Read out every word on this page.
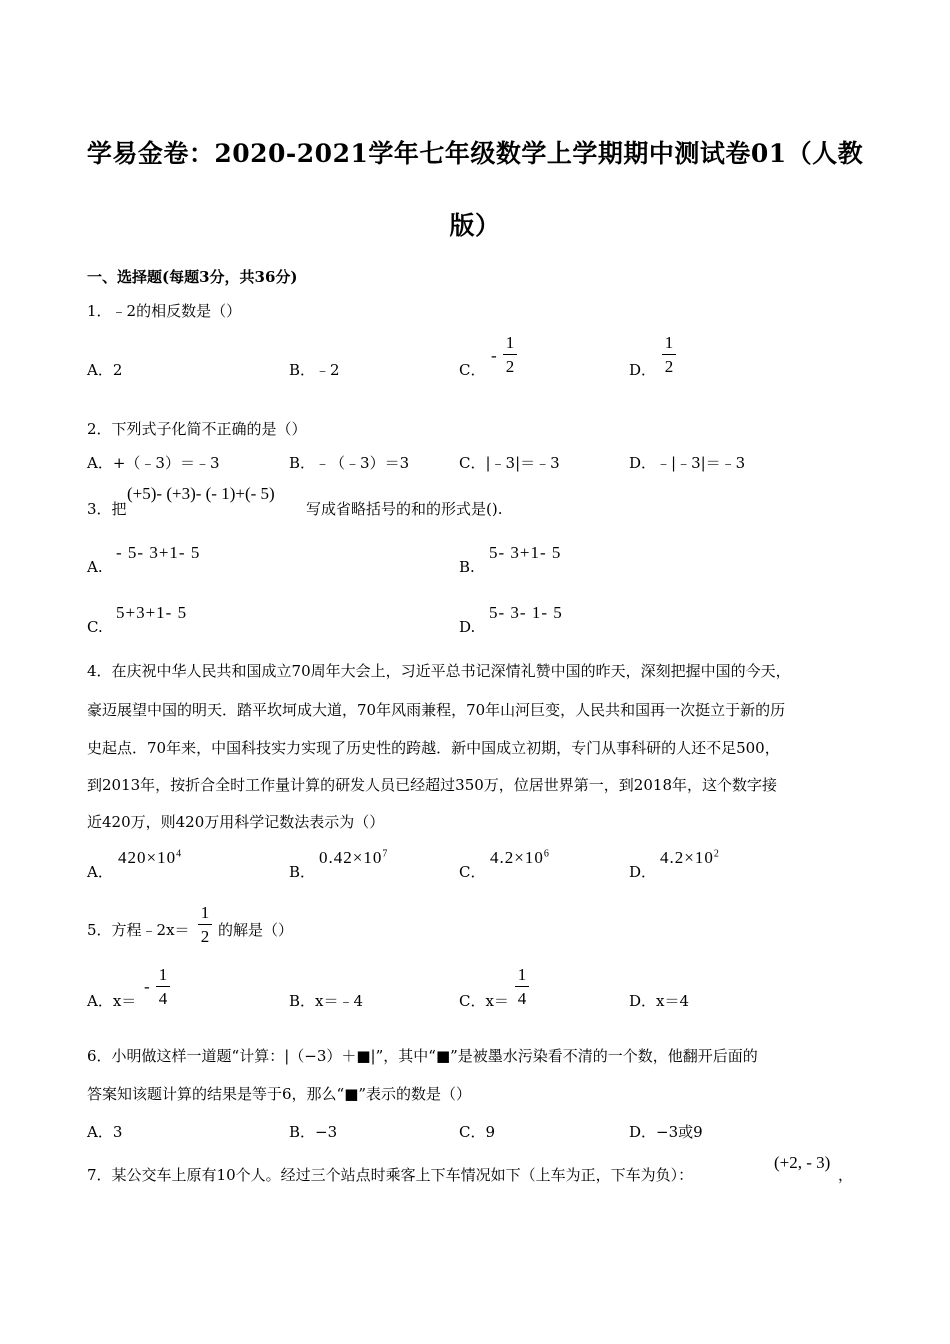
学易金卷：2020-2021学年七年级数学上学期期中测试卷01（人教
版）
一、选择题(每题3分，共36分)
1．﹣2的相反数是（）
A．2	B．﹣2	C．
-
1
2	D．
1
2
2．下列式子化简不正确的是（）
A．+（﹣3）＝﹣3	B．﹣（﹣3）＝3	C．|﹣3|＝﹣3	D．﹣|﹣3|＝﹣3
3．把
(+5)- (+3)- (- 1)+(- 5)
写成省略括号的和的形式是().
A.
- 5- 3+1- 5
B.
5- 3+1- 5
C.
5+3+1- 5
D.
5- 3- 1- 5
4．在庆祝中华人民共和国成立70周年大会上，习近平总书记深情礼赞中国的昨天，深刻把握中国的今天，
豪迈展望中国的明天．踏平坎坷成大道，70年风雨兼程，70年山河巨变，人民共和国再一次挺立于新的历
史起点．70年来，中国科技实力实现了历史性的跨越．新中国成立初期，专门从事科研的人还不足500，
到2013年，按折合全时工作量计算的研发人员已经超过350万，位居世界第一，到2018年，这个数字接
近420万，则420万用科学记数法表示为（）
A．
$420\times 10^4$
B．
$0.42\times 10^7$
C．
$4.2\times 10^6$
D．
$4.2\times 10^2$
5．方程﹣2x＝
1
2 的解是（）
A．x＝
-
1
4	B．x＝﹣4	C．x＝
1
4	D．x＝4
6．小明做这样一道题“计算：|（−3）＋■|”，其中“■”是被墨水污染看不清的一个数，他翻开后面的
答案知该题计算的结果是等于6，那么“■”表示的数是（）
A．3	B．−3	C．9	D．−3或9
7．某公交车上原有10个人。经过三个站点时乘客上下车情况如下（上车为正，下车为负）：
(+2, - 3)
，
